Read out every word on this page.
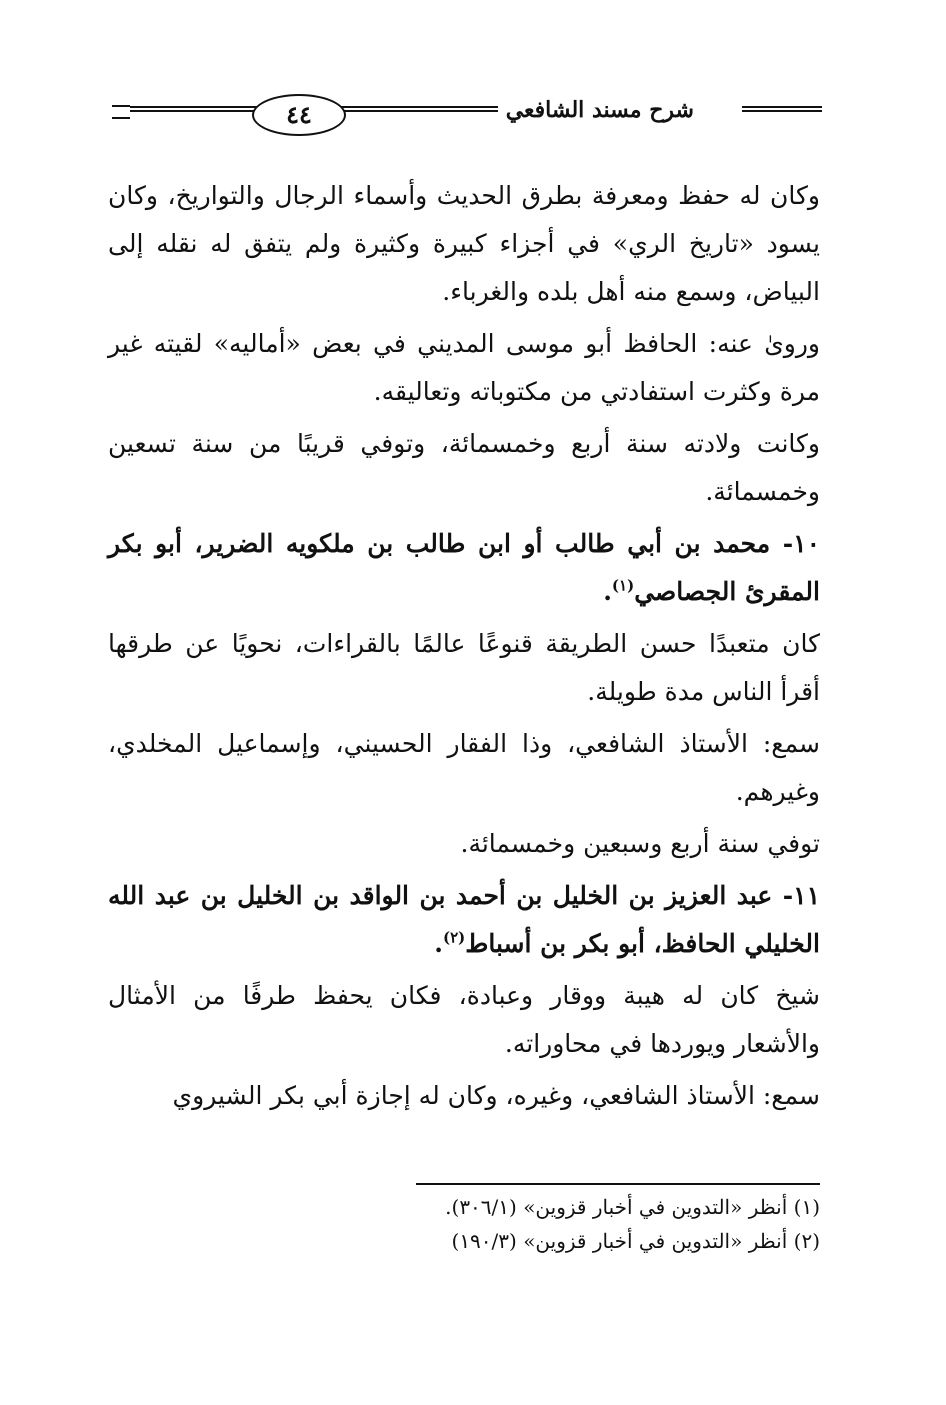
٤٤	شرح مسند الشافعي

وكان له حفظ ومعرفة بطرق الحديث وأسماء الرجال والتواريخ، وكان يسود «تاريخ الري» في أجزاء كبيرة وكثيرة ولم يتفق له نقله إلى البياض، وسمع منه أهل بلده والغرباء.

وروىٰ عنه: الحافظ أبو موسى المديني في بعض «أماليه» لقيته غير مرة وكثرت استفادتي من مكتوباته وتعاليقه.

وكانت ولادته سنة أربع وخمسمائة، وتوفي قريبًا من سنة تسعين وخمسمائة.

١٠- محمد بن أبي طالب أو ابن طالب بن ملكويه الضرير، أبو بكر المقرئ الجصاصي$^{(١)}$.

كان متعبدًا حسن الطريقة قنوعًا عالمًا بالقراءات، نحويًا عن طرقها أقرأ الناس مدة طويلة.

سمع: الأستاذ الشافعي، وذا الفقار الحسيني، وإسماعيل المخلدي، وغيرهم.

توفي سنة أربع وسبعين وخمسمائة.

١١- عبد العزيز بن الخليل بن أحمد بن الواقد بن الخليل بن عبد الله الخليلي الحافظ، أبو بكر بن أسباط$^{(٢)}$.

شيخ كان له هيبة ووقار وعبادة، فكان يحفظ طرفًا من الأمثال والأشعار ويوردها في محاوراته.

سمع: الأستاذ الشافعي، وغيره، وكان له إجازة أبي بكر الشيروي

(١) أنظر «التدوين في أخبار قزوين» (٣٠٦/١).
(٢) أنظر «التدوين في أخبار قزوين» (١٩٠/٣)
